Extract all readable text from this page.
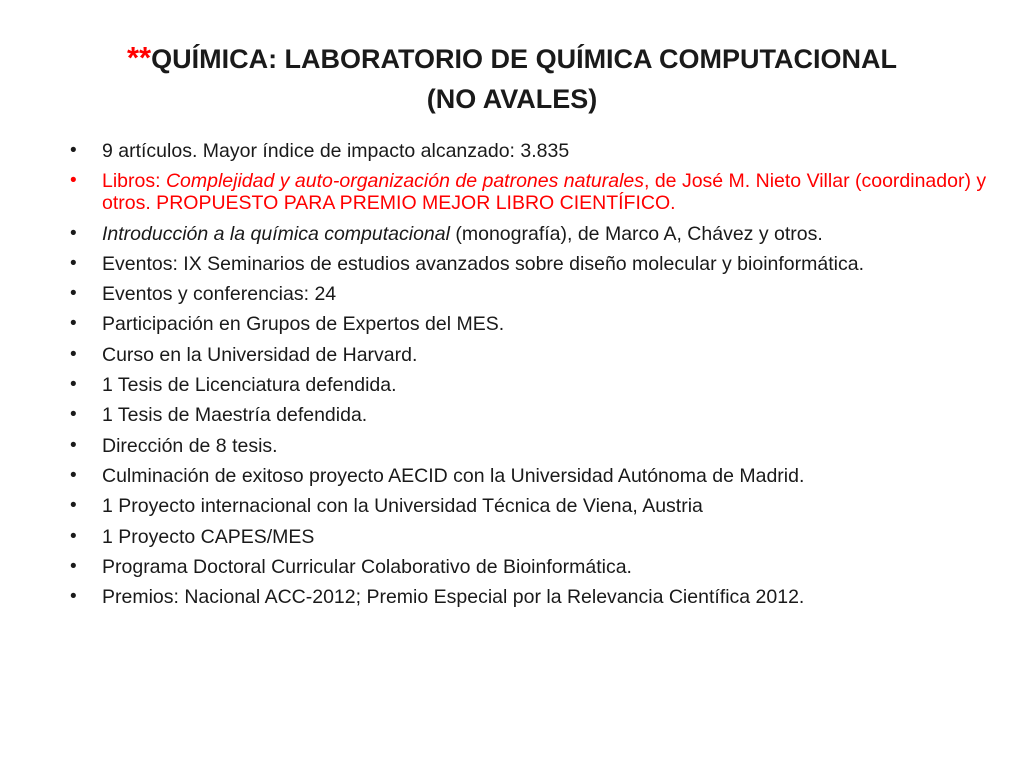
**QUÍMICA: LABORATORIO DE QUÍMICA COMPUTACIONAL
(NO AVALES)
• 9 artículos. Mayor índice de impacto alcanzado: 3.835
• Libros: Complejidad y auto-organización de patrones naturales, de José M. Nieto Villar (coordinador) y otros. PROPUESTO PARA PREMIO MEJOR LIBRO CIENTÍFICO.
• Introducción a la química computacional (monografía), de Marco A, Chávez y otros.
• Eventos: IX Seminarios de estudios avanzados sobre diseño molecular y bioinformática.
• Eventos y conferencias: 24
• Participación en Grupos de Expertos del MES.
• Curso en la Universidad de Harvard.
• 1 Tesis de Licenciatura defendida.
• 1 Tesis de Maestría defendida.
• Dirección de 8 tesis.
• Culminación de exitoso proyecto AECID con la Universidad Autónoma de Madrid.
• 1 Proyecto internacional con la Universidad Técnica de Viena, Austria
• 1 Proyecto CAPES/MES
• Programa Doctoral Curricular Colaborativo de Bioinformática.
• Premios: Nacional ACC-2012; Premio Especial por la Relevancia Científica 2012.
